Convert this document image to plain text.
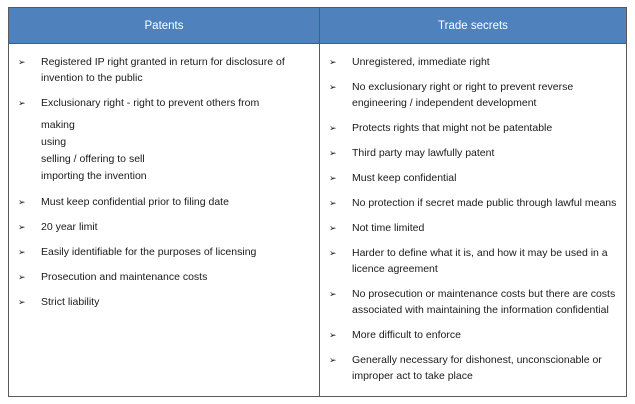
Patents	Trade secrets
➢ Registered IP right granted in return for disclosure of invention to the public
➢ Exclusionary right - right to prevent others from
making
using
selling / offering to sell
importing the invention
➢ Must keep confidential prior to filing date
➢ 20 year limit
➢ Easily identifiable for the purposes of licensing
➢ Prosecution and maintenance costs
➢ Strict liability
➢ Unregistered, immediate right
➢ No exclusionary right or right to prevent reverse engineering / independent development
➢ Protects rights that might not be patentable
➢ Third party may lawfully patent
➢ Must keep confidential
➢ No protection if secret made public through lawful means
➢ Not time limited
➢ Harder to define what it is, and how it may be used in a licence agreement
➢ No prosecution or maintenance costs but there are costs associated with maintaining the information confidential
➢ More difficult to enforce
➢ Generally necessary for dishonest, unconscionable or improper act to take place
